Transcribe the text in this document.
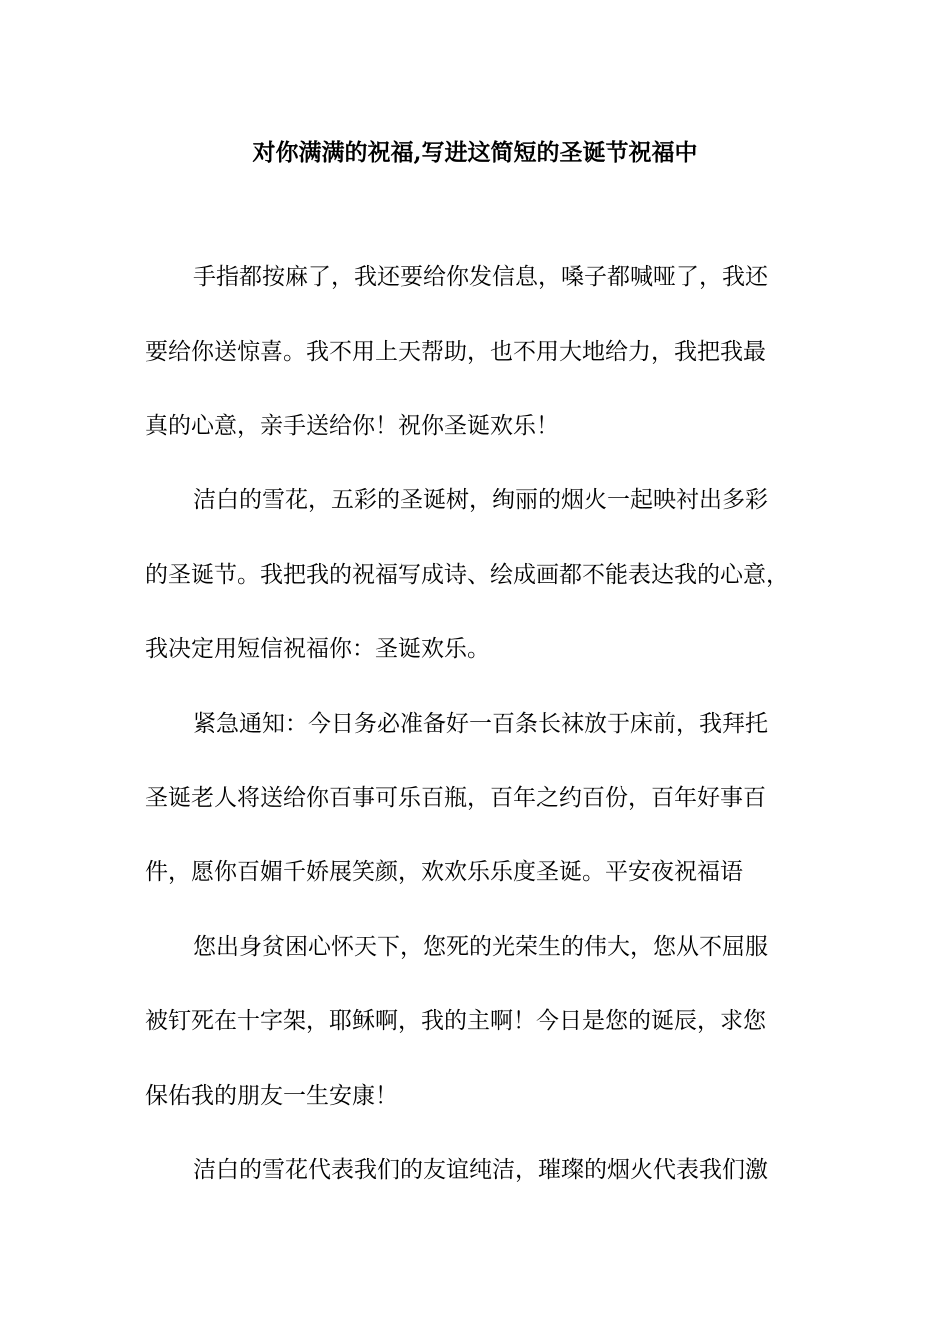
对你满满的祝福,写进这简短的圣诞节祝福中
手指都按麻了，我还要给你发信息，嗓子都喊哑了，我还
要给你送惊喜。我不用上天帮助，也不用大地给力，我把我最
真的心意，亲手送给你！祝你圣诞欢乐！
洁白的雪花，五彩的圣诞树，绚丽的烟火一起映衬出多彩
的圣诞节。我把我的祝福写成诗、绘成画都不能表达我的心意，
我决定用短信祝福你：圣诞欢乐。
紧急通知：今日务必准备好一百条长袜放于床前，我拜托
圣诞老人将送给你百事可乐百瓶，百年之约百份，百年好事百
件，愿你百媚千娇展笑颜，欢欢乐乐度圣诞。平安夜祝福语
您出身贫困心怀天下，您死的光荣生的伟大，您从不屈服
被钉死在十字架，耶稣啊，我的主啊！今日是您的诞辰，求您
保佑我的朋友一生安康！
洁白的雪花代表我们的友谊纯洁，璀璨的烟火代表我们激
